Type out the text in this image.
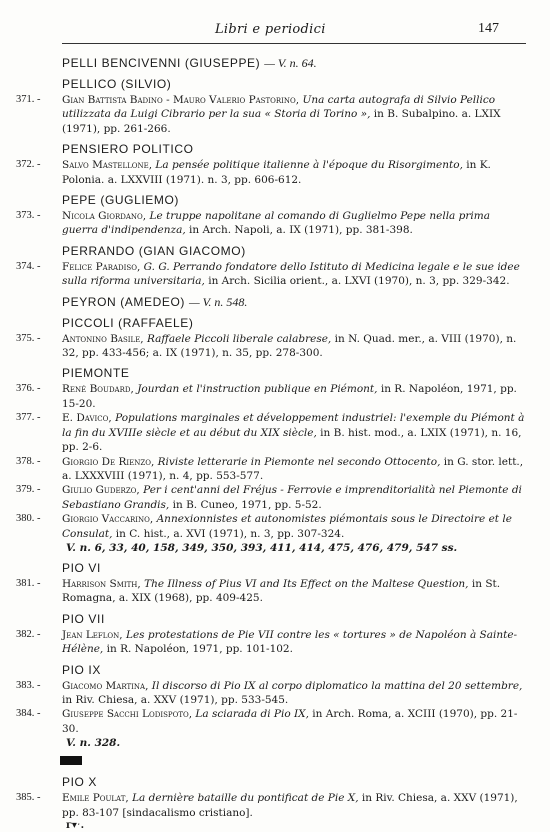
Libri e periodici	147
PELLI BENCIVENNI (GIUSEPPE) — V. n. 64.
PELLICO (SILVIO)
371. -	Gian Battista Badino - Mauro Valerio Pastorino, Una carta autografa di Silvio Pellico utilizzata da Luigi Cibrario per la sua « Storia di Torino », in B. Subalpino. a. LXIX (1971), pp. 261-266.
PENSIERO POLITICO
372. -	Salvo Mastellone, La pensée politique italienne à l'époque du Risorgimento, in K. Polonia. a. LXXVIII (1971). n. 3, pp. 606-612.
PEPE (GUGLIEMO)
373. -	Nicola Giordano, Le truppe napolitane al comando di Guglielmo Pepe nella prima guerra d'indipendenza, in Arch. Napoli, a. IX (1971), pp. 381-398.
PERRANDO (GIAN GIACOMO)
374. -	Felice Paradiso, G. G. Perrando fondatore dello Istituto di Medicina legale e le sue idee sulla riforma universitaria, in Arch. Sicilia orient., a. LXVI (1970), n. 3, pp. 329-342.
PEYRON (AMEDEO) — V. n. 548.
PICCOLI (RAFFAELE)
375. -	Antonino Basile, Raffaele Piccoli liberale calabrese, in N. Quad. mer., a. VIII (1970), n. 32, pp. 433-456; a. IX (1971), n. 35, pp. 278-300.
PIEMONTE
376. -	René Boudard, Jourdan et l'instruction publique en Piémont, in R. Napoléon, 1971, pp. 15-20.
377. -	E. Davico, Populations marginales et développement industriel: l'exemple du Piémont à la fin du XVIIIe siècle et au début du XIX siècle, in B. hist. mod., a. LXIX (1971), n. 16, pp. 2-6.
378. -	Giorgio De Rienzo, Riviste letterarie in Piemonte nel secondo Ottocento, in G. stor. lett., a. LXXXVIII (1971), n. 4, pp. 553-577.
379. -	Giulio Guderzo, Per i cent'anni del Fréjus - Ferrovie e imprenditorialità nel Piemonte di Sebastiano Grandis, in B. Cuneo, 1971, pp. 5-52.
380. -	Giorgio Vaccarino, Annexionnistes et autonomistes piémontais sous le Directoire et le Consulat, in C. hist., a. XVI (1971), n. 3, pp. 307-324.
V. n. 6, 33, 40, 158, 349, 350, 393, 411, 414, 475, 476, 479, 547 ss.
PIO VI
381. -	Harrison Smith, The Illness of Pius VI and Its Effect on the Maltese Question, in St. Romagna, a. XIX (1968), pp. 409-425.
PIO VII
382. -	Jean Leflon, Les protestations de Pie VII contre les « tortures » de Napoléon à Sainte-Hélène, in R. Napoléon, 1971, pp. 101-102.
PIO IX
383. -	Giacomo Martina, Il discorso di Pio IX al corpo diplomatico la mattina del 20 settembre, in Riv. Chiesa, a. XXV (1971), pp. 533-545.
384. -	Giuseppe Sacchi Lodispoto, La sciarada di Pio IX, in Arch. Roma, a. XCIII (1970), pp. 21-30.
V. n. 328.
PIO X
385. -	Emile Poulat, La dernière bataille du pontificat de Pie X, in Riv. Chiesa, a. XXV (1971), pp. 83-107 [sindacalismo cristiano].
ᴦ▾ˑ.
